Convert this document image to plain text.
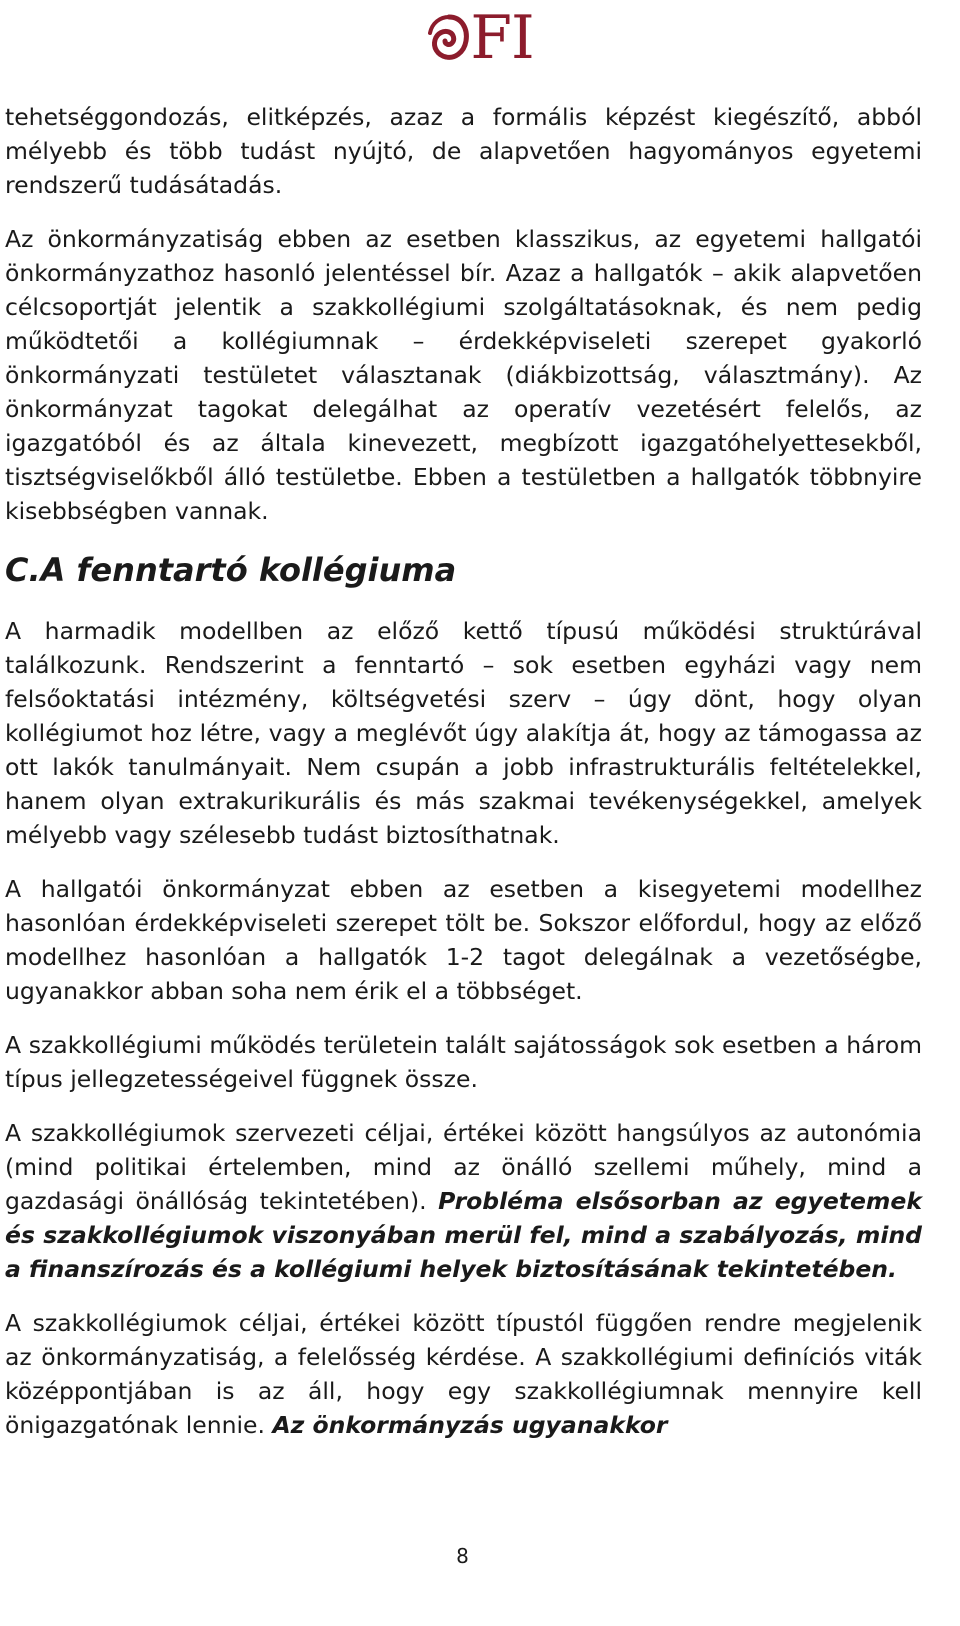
FI

tehetséggondozás, elitképzés, azaz a formális képzést kiegészítő, abból mélyebb és több tudást nyújtó, de alapvetően hagyományos egyetemi rendszerű tudásátadás.

Az önkormányzatiság ebben az esetben klasszikus, az egyetemi hallgatói önkormányzathoz hasonló jelentéssel bír. Azaz a hallgatók – akik alapvetően célcsoportját jelentik a szakkollégiumi szolgáltatásoknak, és nem pedig működtetői a kollégiumnak – érdekképviseleti szerepet gyakorló önkormányzati testületet választanak (diákbizottság, választmány). Az önkormányzat tagokat delegálhat az operatív vezetésért felelős, az igazgatóból és az általa kinevezett, megbízott igazgatóhelyettesekből, tisztségviselőkből álló testületbe. Ebben a testületben a hallgatók többnyire kisebbségben vannak.

C.A fenntartó kollégiuma

A harmadik modellben az előző kettő típusú működési struktúrával találkozunk. Rendszerint a fenntartó – sok esetben egyházi vagy nem felsőoktatási intézmény, költségvetési szerv – úgy dönt, hogy olyan kollégiumot hoz létre, vagy a meglévőt úgy alakítja át, hogy az támogassa az ott lakók tanulmányait. Nem csupán a jobb infrastrukturális feltételekkel, hanem olyan extrakurikurális és más szakmai tevékenységekkel, amelyek mélyebb vagy szélesebb tudást biztosíthatnak.

A hallgatói önkormányzat ebben az esetben a kisegyetemi modellhez hasonlóan érdekképviseleti szerepet tölt be. Sokszor előfordul, hogy az előző modellhez hasonlóan a hallgatók 1-2 tagot delegálnak a vezetőségbe, ugyanakkor abban soha nem érik el a többséget.

A szakkollégiumi működés területein talált sajátosságok sok esetben a három típus jellegzetességeivel függnek össze.

A szakkollégiumok szervezeti céljai, értékei között hangsúlyos az autonómia (mind politikai értelemben, mind az önálló szellemi műhely, mind a gazdasági önállóság tekintetében). Probléma elsősorban az egyetemek és szakkollégiumok viszonyában merül fel, mind a szabályozás, mind a finanszírozás és a kollégiumi helyek biztosításának tekintetében.

A szakkollégiumok céljai, értékei között típustól függően rendre megjelenik az önkormányzatiság, a felelősség kérdése. A szakkollégiumi definíciós viták középpontjában is az áll, hogy egy szakkollégiumnak mennyire kell önigazgatónak lennie. Az önkormányzás ugyanakkor

8
